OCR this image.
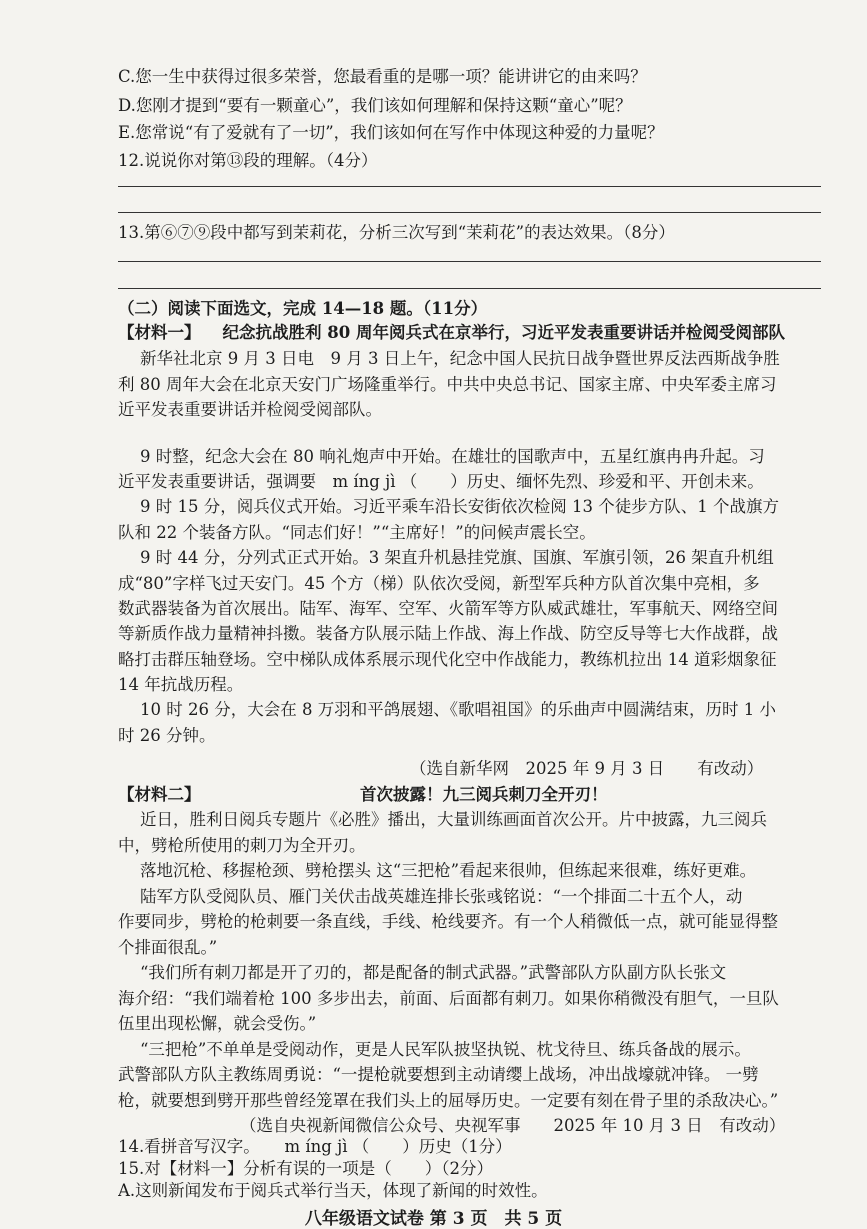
C.您一生中获得过很多荣誉，您最看重的是哪一项？能讲讲它的由来吗？
D.您刚才提到“要有一颗童心”，我们该如何理解和保持这颗“童心”呢？
E.您常说“有了爱就有了一切”，我们该如何在写作中体现这种爱的力量呢？
12.说说你对第⑬段的理解。（4分）
13.第⑥⑦⑨段中都写到茉莉花，分析三次写到“茉莉花”的表达效果。（8分）
（二）阅读下面选文，完成 14—18 题。（11分）
【材料一】 纪念抗战胜利 80 周年阅兵式在京举行，习近平发表重要讲话并检阅受阅部队
新华社北京 9 月 3 日电　9 月 3 日上午，纪念中国人民抗日战争暨世界反法西斯战争胜
利 80 周年大会在北京天安门广场隆重举行。中共中央总书记、国家主席、中央军委主席习
近平发表重要讲话并检阅受阅部队。
9 时整，纪念大会在 80 响礼炮声中开始。在雄壮的国歌声中，五星红旗冉冉升起。习
近平发表重要讲话，强调要　m íng jì （　　）历史、缅怀先烈、珍爱和平、开创未来。
9 时 15 分，阅兵仪式开始。习近平乘车沿长安街依次检阅 13 个徒步方队、1 个战旗方
队和 22 个装备方队。“同志们好！”“主席好！”的问候声震长空。
9 时 44 分，分列式正式开始。3 架直升机悬挂党旗、国旗、军旗引领，26 架直升机组
成“80”字样飞过天安门。45 个方（梯）队依次受阅，新型军兵种方队首次集中亮相，多
数武器装备为首次展出。陆军、海军、空军、火箭军等方队威武雄壮，军事航天、网络空间
等新质作战力量精神抖擞。装备方队展示陆上作战、海上作战、防空反导等七大作战群，战
略打击群压轴登场。空中梯队成体系展示现代化空中作战能力，教练机拉出 14 道彩烟象征
14 年抗战历程。
10 时 26 分，大会在 8 万羽和平鸽展翅、《歌唱祖国》的乐曲声中圆满结束，历时 1 小
时 26 分钟。
（选自新华网　2025 年 9 月 3 日　　有改动）
【材料二】	首次披露！九三阅兵刺刀全开刃！
近日，胜利日阅兵专题片《必胜》播出，大量训练画面首次公开。片中披露，九三阅兵
中，劈枪所使用的刺刀为全开刃。
落地沉枪、移握枪颈、劈枪摆头 这“三把枪”看起来很帅，但练起来很难，练好更难。
陆军方队受阅队员、雁门关伏击战英雄连排长张彧铭说：“一个排面二十五个人，动
作要同步，劈枪的枪刺要一条直线，手线、枪线要齐。有一个人稍微低一点，就可能显得整
个排面很乱。”
“我们所有刺刀都是开了刃的，都是配备的制式武器。”武警部队方队副方队长张文
海介绍：“我们端着枪 100 多步出去，前面、后面都有刺刀。如果你稍微没有胆气，一旦队
伍里出现松懈，就会受伤。”
“三把枪”不单单是受阅动作，更是人民军队披坚执锐、枕戈待旦、练兵备战的展示。
武警部队方队主教练周勇说：“一提枪就要想到主动请缨上战场，冲出战壕就冲锋。 一劈
枪，就要想到劈开那些曾经笼罩在我们头上的屈辱历史。一定要有刻在骨子里的杀敌决心。”
（选自央视新闻微信公众号、央视军事　　2025 年 10 月 3 日　有改动）
14.看拼音写汉字。　　m íng jì （　　）历史（1分）
15.对【材料一】分析有误的一项是（　　）（2分）
A.这则新闻发布于阅兵式举行当天，体现了新闻的时效性。
八年级语文试卷 第 3 页　共 5 页
